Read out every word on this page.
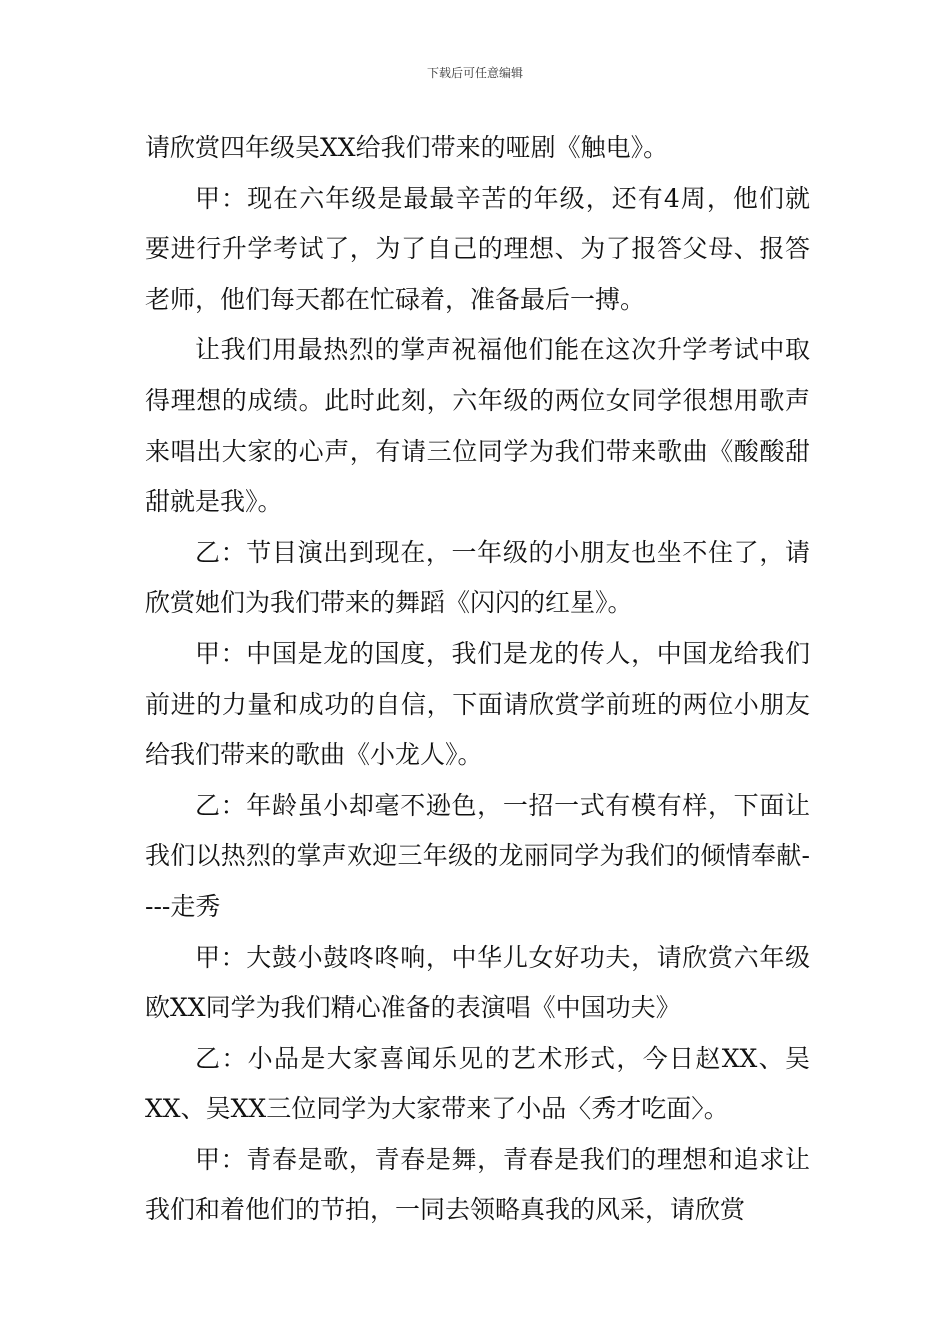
下载后可任意编辑

请欣赏四年级吴XX给我们带来的哑剧《触电》。

甲：现在六年级是最最辛苦的年级，还有4周，他们就要进行升学考试了，为了自己的理想、为了报答父母、报答老师，他们每天都在忙碌着，准备最后一搏。

让我们用最热烈的掌声祝福他们能在这次升学考试中取得理想的成绩。此时此刻，六年级的两位女同学很想用歌声来唱出大家的心声，有请三位同学为我们带来歌曲《酸酸甜甜就是我》。

乙：节目演出到现在，一年级的小朋友也坐不住了，请欣赏她们为我们带来的舞蹈《闪闪的红星》。

甲：中国是龙的国度，我们是龙的传人，中国龙给我们前进的力量和成功的自信，下面请欣赏学前班的两位小朋友给我们带来的歌曲《小龙人》。

乙：年龄虽小却毫不逊色，一招一式有模有样，下面让我们以热烈的掌声欢迎三年级的龙丽同学为我们的倾情奉献----走秀

甲：大鼓小鼓咚咚响，中华儿女好功夫，请欣赏六年级欧XX同学为我们精心准备的表演唱《中国功夫》

乙：小品是大家喜闻乐见的艺术形式，今日赵XX、吴XX、吴XX三位同学为大家带来了小品〈秀才吃面〉。

甲：青春是歌，青春是舞，青春是我们的理想和追求让我们和着他们的节拍，一同去领略真我的风采，请欣赏
